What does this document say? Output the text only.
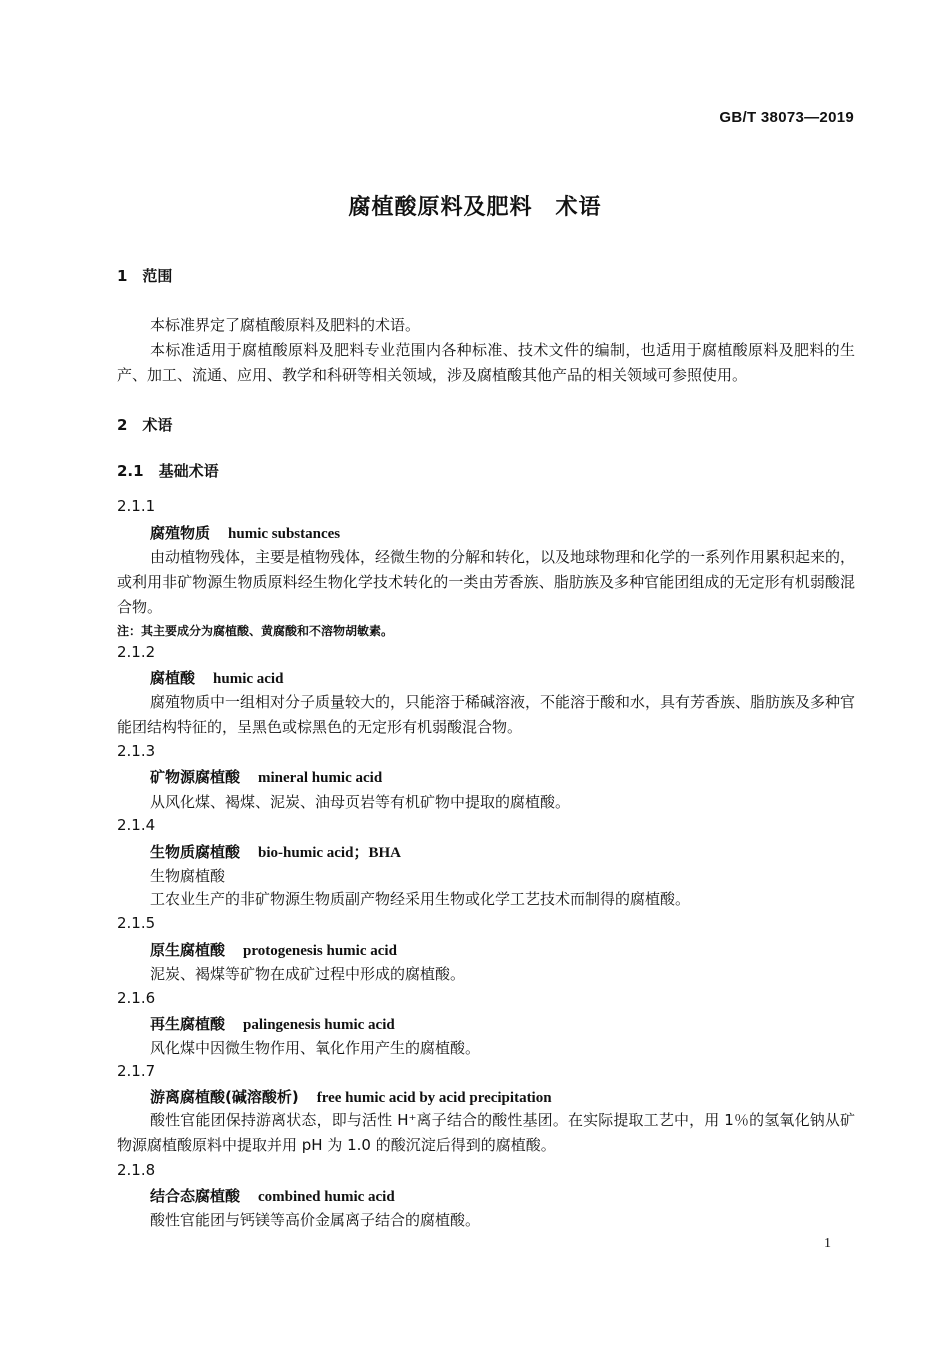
GB/T 38073—2019
腐植酸原料及肥料　术语
1　范围
本标准界定了腐植酸原料及肥料的术语。
本标准适用于腐植酸原料及肥料专业范围内各种标准、技术文件的编制，也适用于腐植酸原料及肥料的生产、加工、流通、应用、教学和科研等相关领域，涉及腐植酸其他产品的相关领域可参照使用。
2　术语
2.1　基础术语
2.1.1
腐殖物质 humic substances
由动植物残体，主要是植物残体，经微生物的分解和转化，以及地球物理和化学的一系列作用累积起来的，或利用非矿物源生物质原料经生物化学技术转化的一类由芳香族、脂肪族及多种官能团组成的无定形有机弱酸混合物。
注：其主要成分为腐植酸、黄腐酸和不溶物胡敏素。
2.1.2
腐植酸 humic acid
腐殖物质中一组相对分子质量较大的，只能溶于稀碱溶液，不能溶于酸和水，具有芳香族、脂肪族及多种官能团结构特征的，呈黑色或棕黑色的无定形有机弱酸混合物。
2.1.3
矿物源腐植酸 mineral humic acid
从风化煤、褐煤、泥炭、油母页岩等有机矿物中提取的腐植酸。
2.1.4
生物质腐植酸 bio-humic acid；BHA
生物腐植酸
工农业生产的非矿物源生物质副产物经采用生物或化学工艺技术而制得的腐植酸。
2.1.5
原生腐植酸 protogenesis humic acid
泥炭、褐煤等矿物在成矿过程中形成的腐植酸。
2.1.6
再生腐植酸 palingenesis humic acid
风化煤中因微生物作用、氧化作用产生的腐植酸。
2.1.7
游离腐植酸(碱溶酸析) free humic acid by acid precipitation
酸性官能团保持游离状态，即与活性 H⁺离子结合的酸性基团。在实际提取工艺中，用 1％的氢氧化钠从矿物源腐植酸原料中提取并用 pH 为 1.0 的酸沉淀后得到的腐植酸。
2.1.8
结合态腐植酸 combined humic acid
酸性官能团与钙镁等高价金属离子结合的腐植酸。
1
